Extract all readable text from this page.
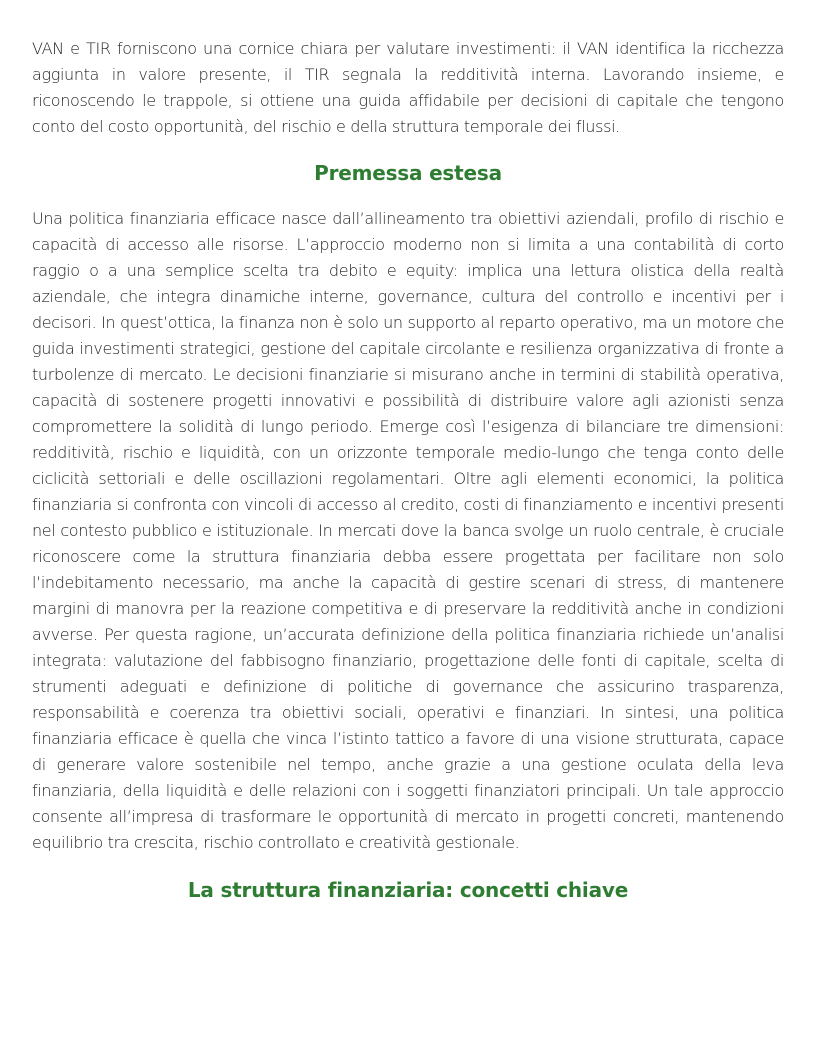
VAN e TIR forniscono una cornice chiara per valutare investimenti: il VAN identifica la ricchezza aggiunta in valore presente, il TIR segnala la redditività interna. Lavorando insieme, e riconoscendo le trappole, si ottiene una guida affidabile per decisioni di capitale che tengono conto del costo opportunità, del rischio e della struttura temporale dei flussi.

Premessa estesa

Una politica finanziaria efficace nasce dall’allineamento tra obiettivi aziendali, profilo di rischio e capacità di accesso alle risorse. L’approccio moderno non si limita a una contabilità di corto raggio o a una semplice scelta tra debito e equity: implica una lettura olistica della realtà aziendale, che integra dinamiche interne, governance, cultura del controllo e incentivi per i decisori. In quest’ottica, la finanza non è solo un supporto al reparto operativo, ma un motore che guida investimenti strategici, gestione del capitale circolante e resilienza organizzativa di fronte a turbolenze di mercato. Le decisioni finanziarie si misurano anche in termini di stabilità operativa, capacità di sostenere progetti innovativi e possibilità di distribuire valore agli azionisti senza compromettere la solidità di lungo periodo. Emerge così l’esigenza di bilanciare tre dimensioni: redditività, rischio e liquidità, con un orizzonte temporale medio-lungo che tenga conto delle ciclicità settoriali e delle oscillazioni regolamentari. Oltre agli elementi economici, la politica finanziaria si confronta con vincoli di accesso al credito, costi di finanziamento e incentivi presenti nel contesto pubblico e istituzionale. In mercati dove la banca svolge un ruolo centrale, è cruciale riconoscere come la struttura finanziaria debba essere progettata per facilitare non solo l’indebitamento necessario, ma anche la capacità di gestire scenari di stress, di mantenere margini di manovra per la reazione competitiva e di preservare la redditività anche in condizioni avverse. Per questa ragione, un’accurata definizione della politica finanziaria richiede un’analisi integrata: valutazione del fabbisogno finanziario, progettazione delle fonti di capitale, scelta di strumenti adeguati e definizione di politiche di governance che assicurino trasparenza, responsabilità e coerenza tra obiettivi sociali, operativi e finanziari. In sintesi, una politica finanziaria efficace è quella che vinca l’istinto tattico a favore di una visione strutturata, capace di generare valore sostenibile nel tempo, anche grazie a una gestione oculata della leva finanziaria, della liquidità e delle relazioni con i soggetti finanziatori principali. Un tale approccio consente all’impresa di trasformare le opportunità di mercato in progetti concreti, mantenendo equilibrio tra crescita, rischio controllato e creatività gestionale.

La struttura finanziaria: concetti chiave
